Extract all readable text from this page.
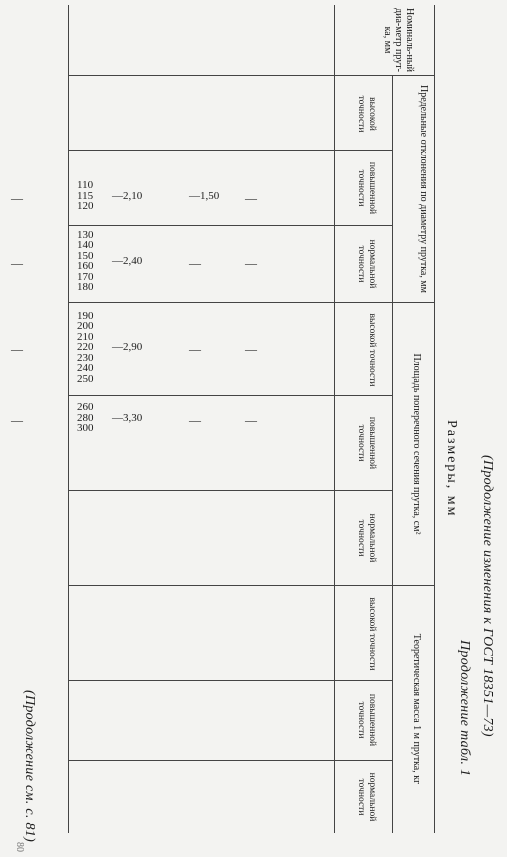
(Продолжение изменения к ГОСТ 18351—73)
Продолжение табл. 1
Размеры, мм
(Продолжение см. с. 81)
80
Номиналь-ный диа-метр прут-ка, мм
Предельные отклонения по диаметру прутка, мм
Площадь поперечного сечения прутка, см²
Теоретическая масса 1 м прутка, кг
высокой точности
повышенной точности
нормальной точности
высокой точности
повышенной точности
нормальной точности
высокой точности
повышенной точности
нормальной точности
110
115
120
—
—1,50
—2,10
—
130
140
150
160
170
180
—
—
—2,40
—
190
200
210
220
230
240
250
—
—
—2,90
—
260
280
300
—
—
—3,30
—
